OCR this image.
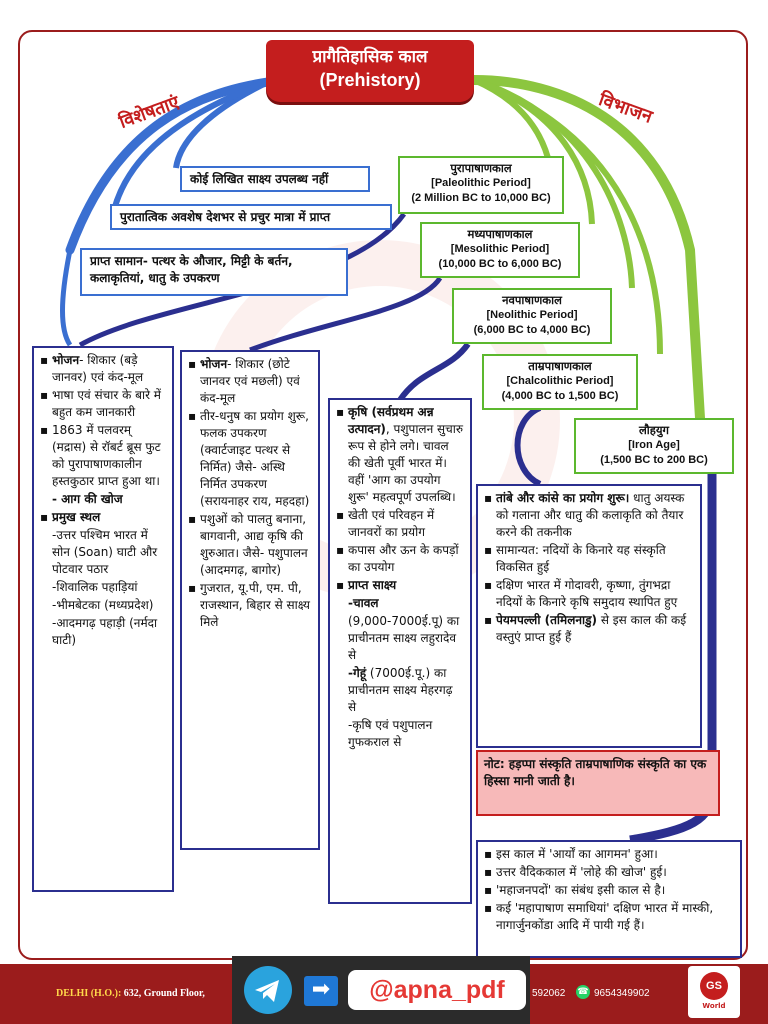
प्रागैतिहासिक काल
(Prehistory)
विशेषताएं	विभाजन
कोई लिखित साक्ष्य उपलब्ध नहीं
पुरातात्विक अवशेष देशभर से प्रचुर मात्रा में प्राप्त
प्राप्त सामान- पत्थर के औजार, मिट्टी के बर्तन, कलाकृतियां, धातु के उपकरण
पुरापाषाणकाल
[Paleolithic Period]
(2 Million BC to 10,000 BC)
मध्यपाषाणकाल
[Mesolithic Period]
(10,000 BC to 6,000 BC)
नवपाषाणकाल
[Neolithic Period]
(6,000 BC to 4,000 BC)
ताम्रपाषाणकाल
[Chalcolithic Period]
(4,000 BC to 1,500 BC)
लौहयुग
[Iron Age]
(1,500 BC to 200 BC)
▪ भोजन- शिकार (बड़े जानवर) एवं कंद-मूल
▪ भाषा एवं संचार के बारे में बहुत कम जानकारी
▪ 1863 में पलवरम् (मद्रास) से रॉबर्ट ब्रूस फुट को पुरापाषाणकालीन हस्तकुठार प्राप्त हुआ था।
- आग की खोज
▪ प्रमुख स्थल
-उत्तर पश्चिम भारत में सोन (Soan) घाटी और पोटवार पठार
-शिवालिक पहाड़ियां
-भीमबेटका (मध्यप्रदेश)
-आदमगढ़ पहाड़ी (नर्मदा घाटी)
▪ भोजन- शिकार (छोटे जानवर एवं मछली) एवं कंद-मूल
▪ तीर-धनुष का प्रयोग शुरू, फलक उपकरण (क्वार्टजाइट पत्थर से निर्मित) जैसे- अस्थि निर्मित उपकरण (सरायनाहर राय, महदहा)
▪ पशुओं को पालतु बनाना, बागवानी, आद्य कृषि की शुरुआत। जैसे- पशुपालन (आदमगढ़, बागोर)
▪ गुजरात, यू.पी, एम. पी, राजस्थान, बिहार से साक्ष्य मिले
▪ कृषि (सर्वप्रथम अन्न उत्पादन), पशुपालन सुचारु रूप से होने लगे। चावल की खेती पूर्वी भारत में। वहीं 'आग का उपयोग शुरू' महत्वपूर्ण उपलब्धि।
▪ खेती एवं परिवहन में जानवरों का प्रयोग
▪ कपास और ऊन के कपड़ों का उपयोग
▪ प्राप्त साक्ष्य
-चावल
(9,000-7000ई.पू) का प्राचीनतम साक्ष्य लहुरादेव से
-गेहूं (7000ई.पू.) का प्राचीनतम साक्ष्य मेहरगढ़ से
-कृषि एवं पशुपालन गुफकराल से
▪ तांबे और कांसे का प्रयोग शुरू। धातु अयस्क को गलाना और धातु की कलाकृति को तैयार करने की तकनीक
▪ सामान्यत: नदियों के किनारे यह संस्कृति विकसित हुई
▪ दक्षिण भारत में गोदावरी, कृष्णा, तुंगभद्रा नदियों के किनारे कृषि समुदाय स्थापित हुए
▪ पेयमपल्ली (तमिलनाडु) से इस काल की कई वस्तुएं प्राप्त हुई हैं
नोट: हड़प्पा संस्कृति ताम्रपाषाणिक संस्कृति का एक हिस्सा मानी जाती है।
▪ इस काल में 'आर्यों का आगमन' हुआ।
▪ उत्तर वैदिककाल में 'लोहे की खोज' हुई।
▪ 'महाजनपदों' का संबंध इसी काल से है।
▪ कई 'महापाषाण समाधियां' दक्षिण भारत में मास्की, नागार्जुनकोंडा आदि में पायी गई हैं।
DELHI (H.O.): 632, Ground Floor,	592062 ☎ 9654349902
GS
World
➡	@apna_pdf
